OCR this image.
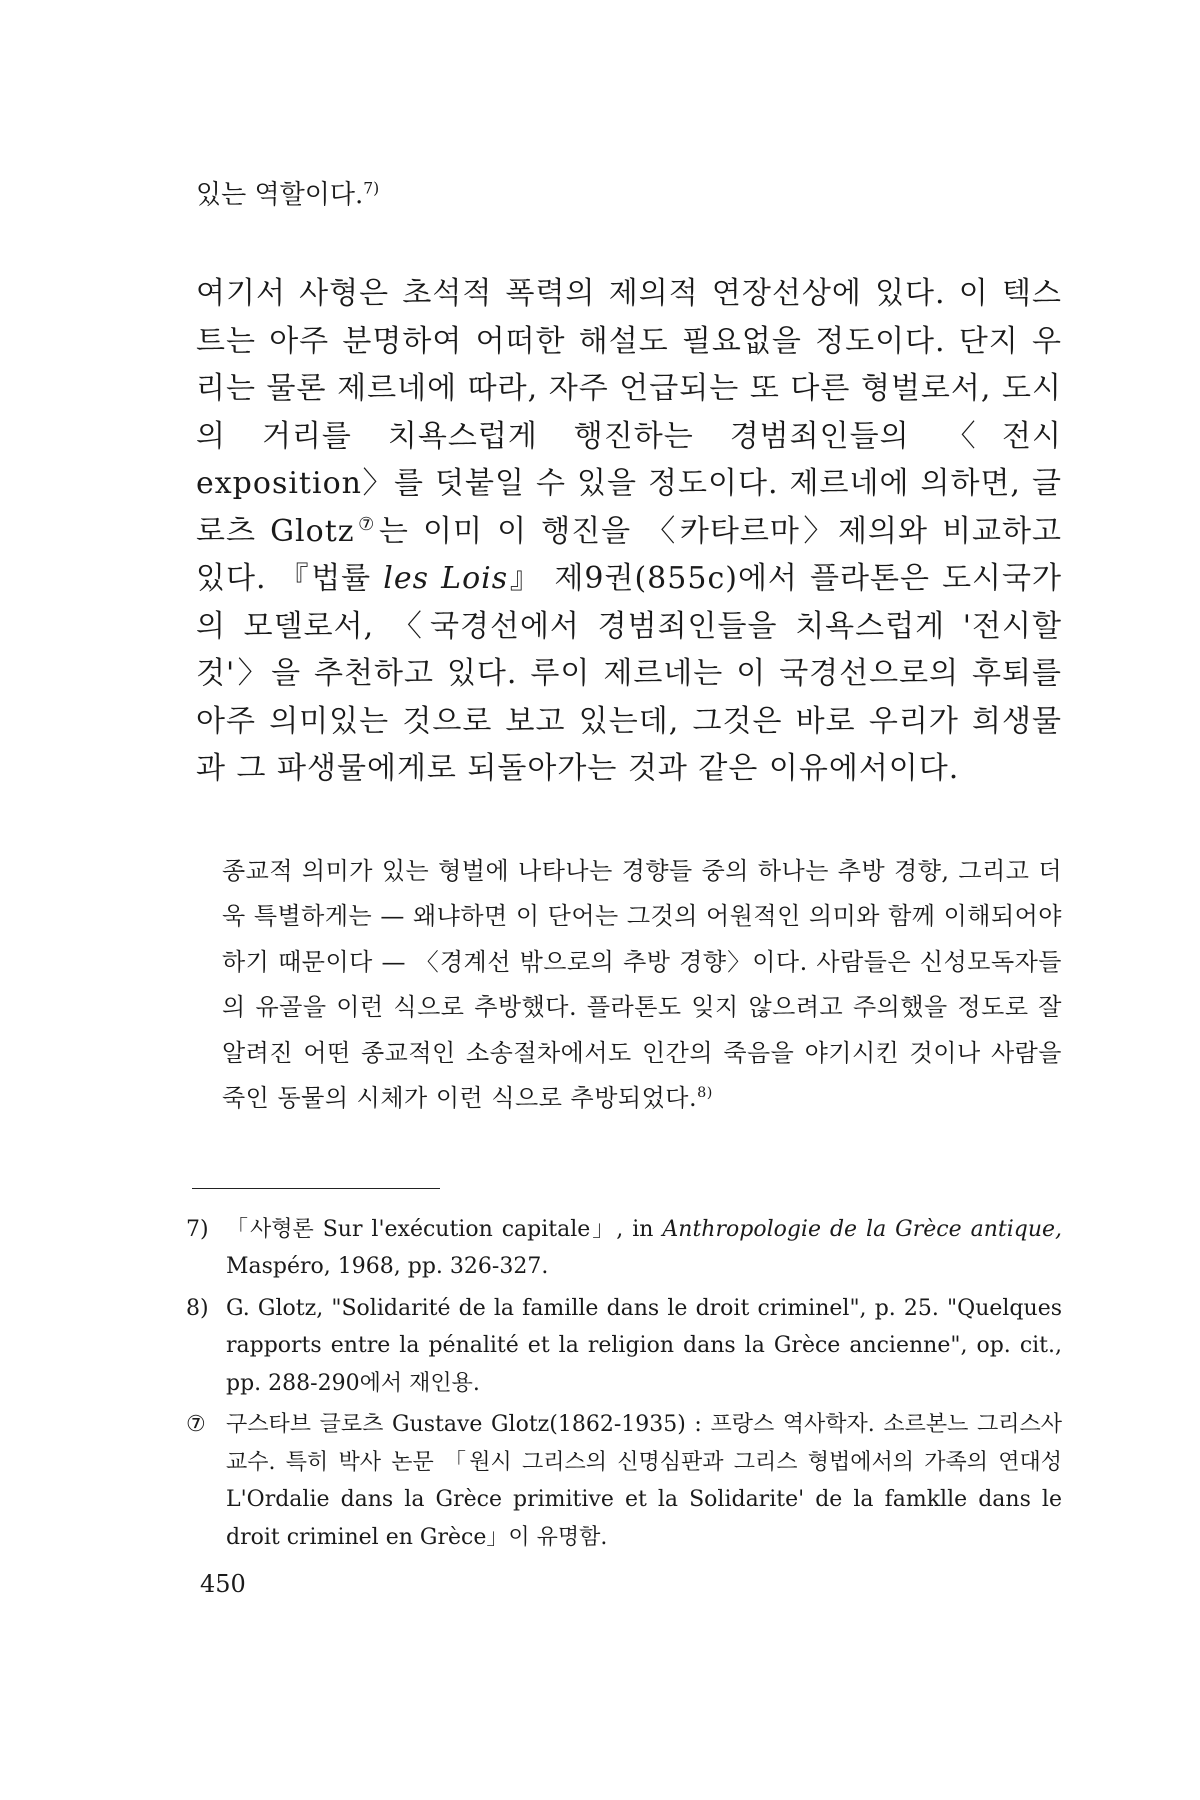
있는 역할이다.$^{7)}$

여기서 사형은 초석적 폭력의 제의적 연장선상에 있다. 이 텍스트는 아주 분명하여 어떠한 해설도 필요없을 정도이다. 단지 우리는 물론 제르네에 따라, 자주 언급되는 또 다른 형벌로서, 도시의 거리를 치욕스럽게 행진하는 경범죄인들의 〈전시 exposition〉를 덧붙일 수 있을 정도이다. 제르네에 의하면, 글로츠 Glotz⑦는 이미 이 행진을 〈카타르마〉제의와 비교하고 있다. 『법률 les Lois』 제9권(855c)에서 플라톤은 도시국가의 모델로서, 〈국경선에서 경범죄인들을 치욕스럽게 '전시할 것'〉을 추천하고 있다. 루이 제르네는 이 국경선으로의 후퇴를 아주 의미있는 것으로 보고 있는데, 그것은 바로 우리가 희생물과 그 파생물에게로 되돌아가는 것과 같은 이유에서이다.

종교적 의미가 있는 형벌에 나타나는 경향들 중의 하나는 추방 경향, 그리고 더욱 특별하게는 — 왜냐하면 이 단어는 그것의 어원적인 의미와 함께 이해되어야 하기 때문이다 — 〈경계선 밖으로의 추방 경향〉이다. 사람들은 신성모독자들의 유골을 이런 식으로 추방했다. 플라톤도 잊지 않으려고 주의했을 정도로 잘 알려진 어떤 종교적인 소송절차에서도 인간의 죽음을 야기시킨 것이나 사람을 죽인 동물의 시체가 이런 식으로 추방되었다.$^{8)}$

7) 「사형론 Sur l'exécution capitale」, in Anthropologie de la Grèce antique, Maspéro, 1968, pp. 326-327.
8) G. Glotz, "Solidarité de la famille dans le droit criminel", p. 25. "Quelques rapports entre la pénalité et la religion dans la Grèce ancienne", op. cit., pp. 288-290에서 재인용.
⑦ 구스타브 글로츠 Gustave Glotz(1862-1935) : 프랑스 역사학자. 소르본느 그리스사 교수. 특히 박사 논문 「원시 그리스의 신명심판과 그리스 형법에서의 가족의 연대성 L'Ordalie dans la Grèce primitive et la Solidarite' de la famklle dans le droit criminel en Grèce」이 유명함.
450
